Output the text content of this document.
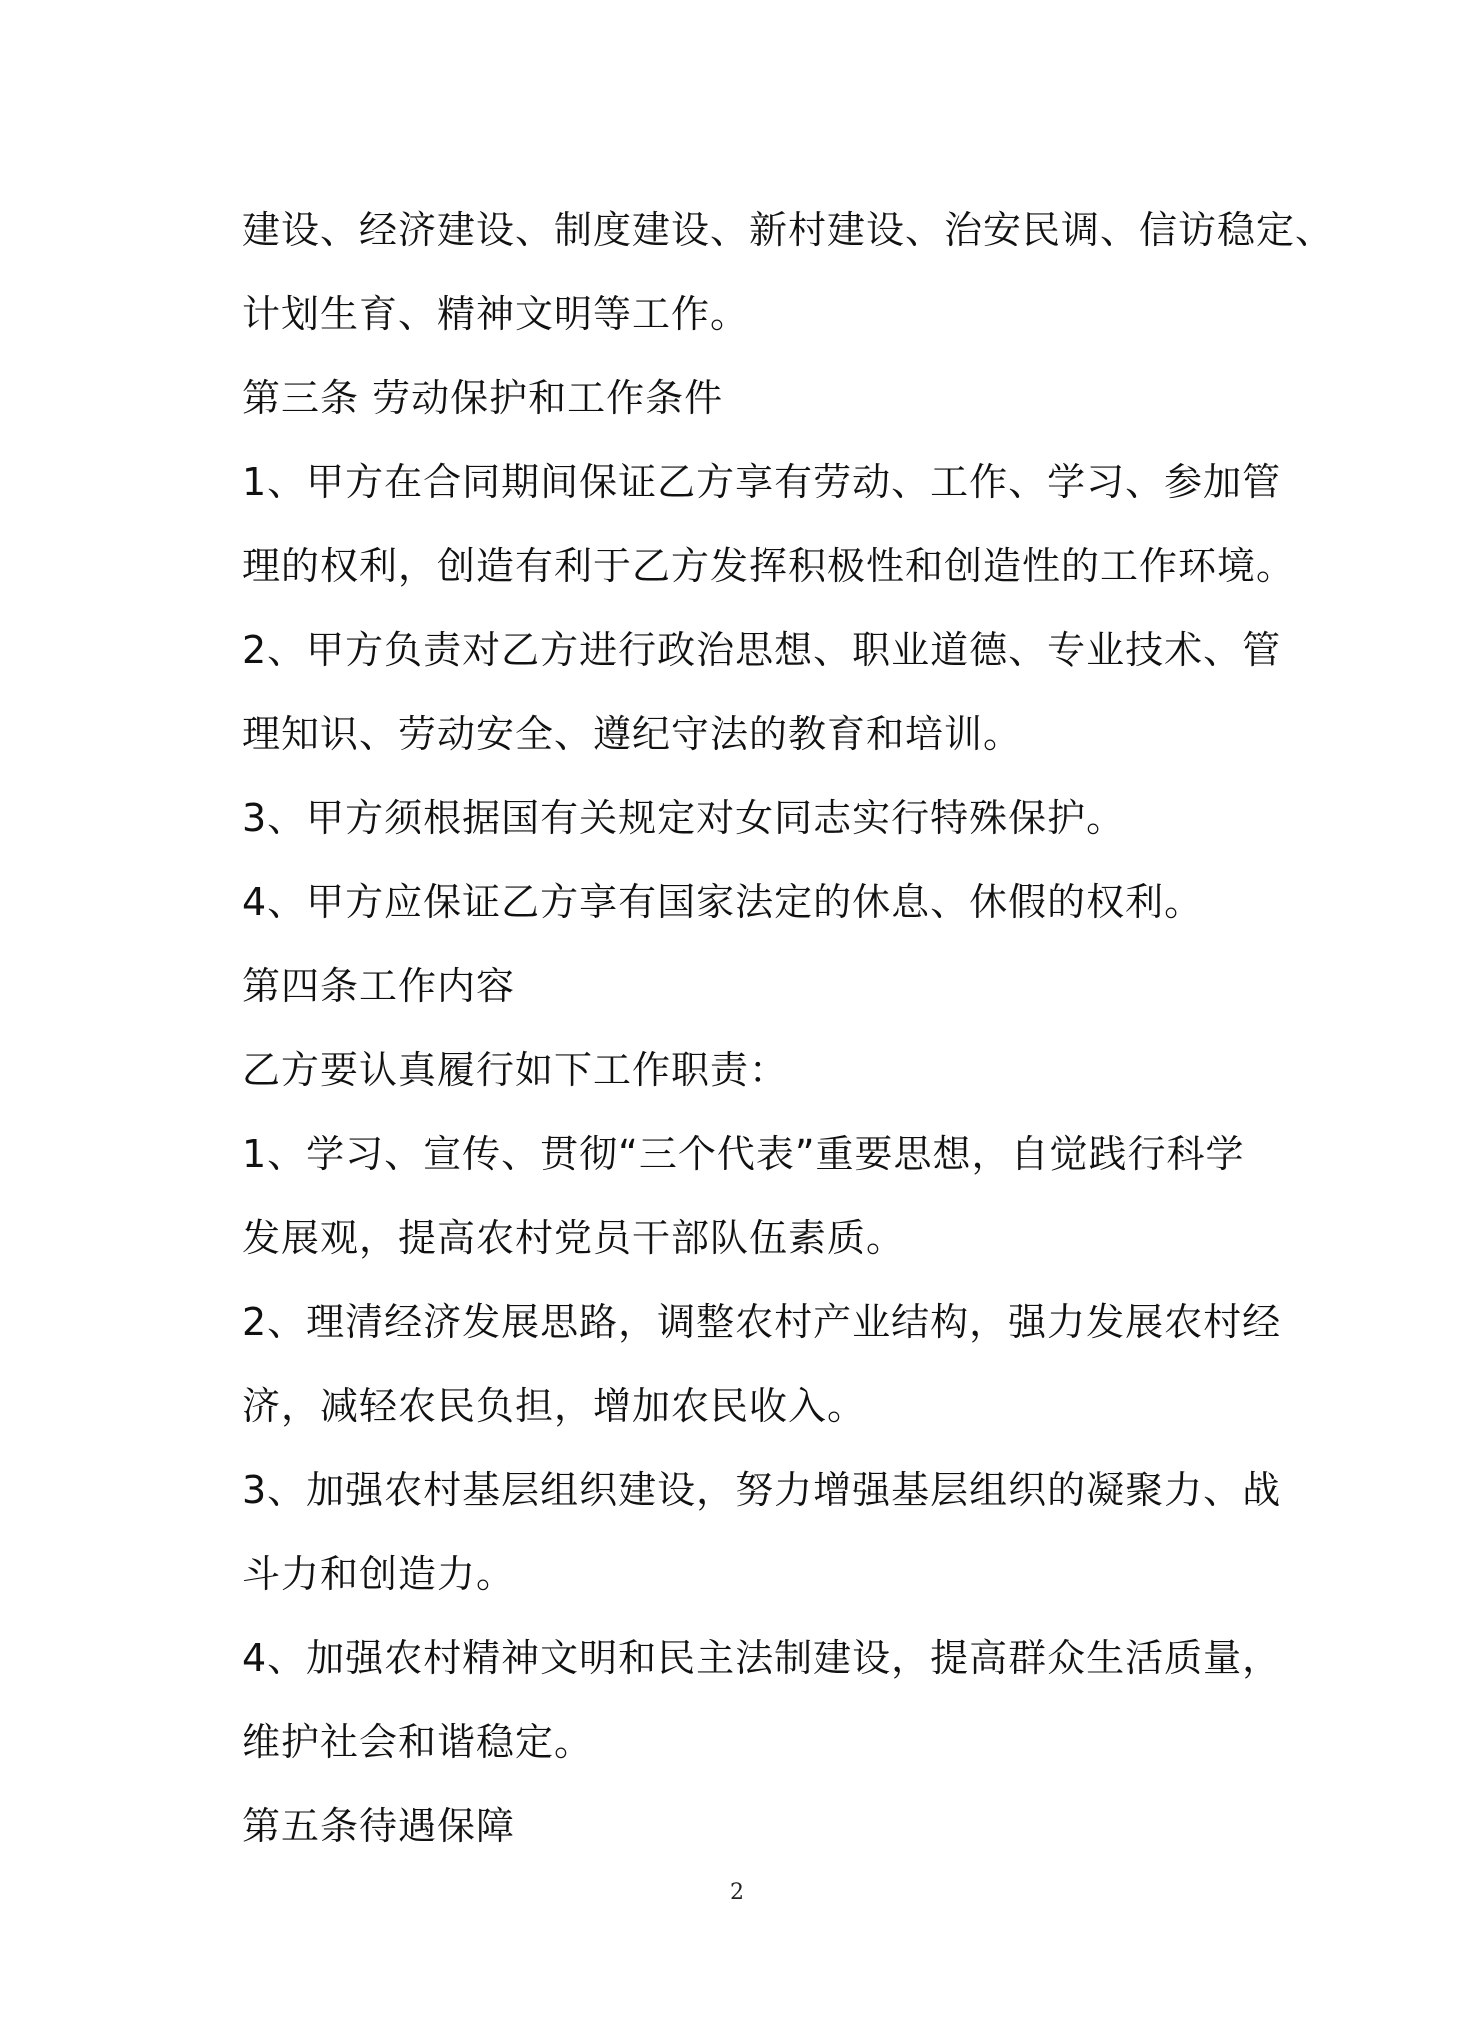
建设、经济建设、制度建设、新村建设、治安民调、信访稳定、
计划生育、精神文明等工作。
第三条 劳动保护和工作条件
1、甲方在合同期间保证乙方享有劳动、工作、学习、参加管
理的权利，创造有利于乙方发挥积极性和创造性的工作环境。
2、甲方负责对乙方进行政治思想、职业道德、专业技术、管
理知识、劳动安全、遵纪守法的教育和培训。
3、甲方须根据国有关规定对女同志实行特殊保护。
4、甲方应保证乙方享有国家法定的休息、休假的权利。
第四条工作内容
乙方要认真履行如下工作职责：
1、学习、宣传、贯彻“三个代表”重要思想，自觉践行科学
发展观，提高农村党员干部队伍素质。
2、理清经济发展思路，调整农村产业结构，强力发展农村经
济，减轻农民负担，增加农民收入。
3、加强农村基层组织建设，努力增强基层组织的凝聚力、战
斗力和创造力。
4、加强农村精神文明和民主法制建设，提高群众生活质量，
维护社会和谐稳定。
第五条待遇保障
2
